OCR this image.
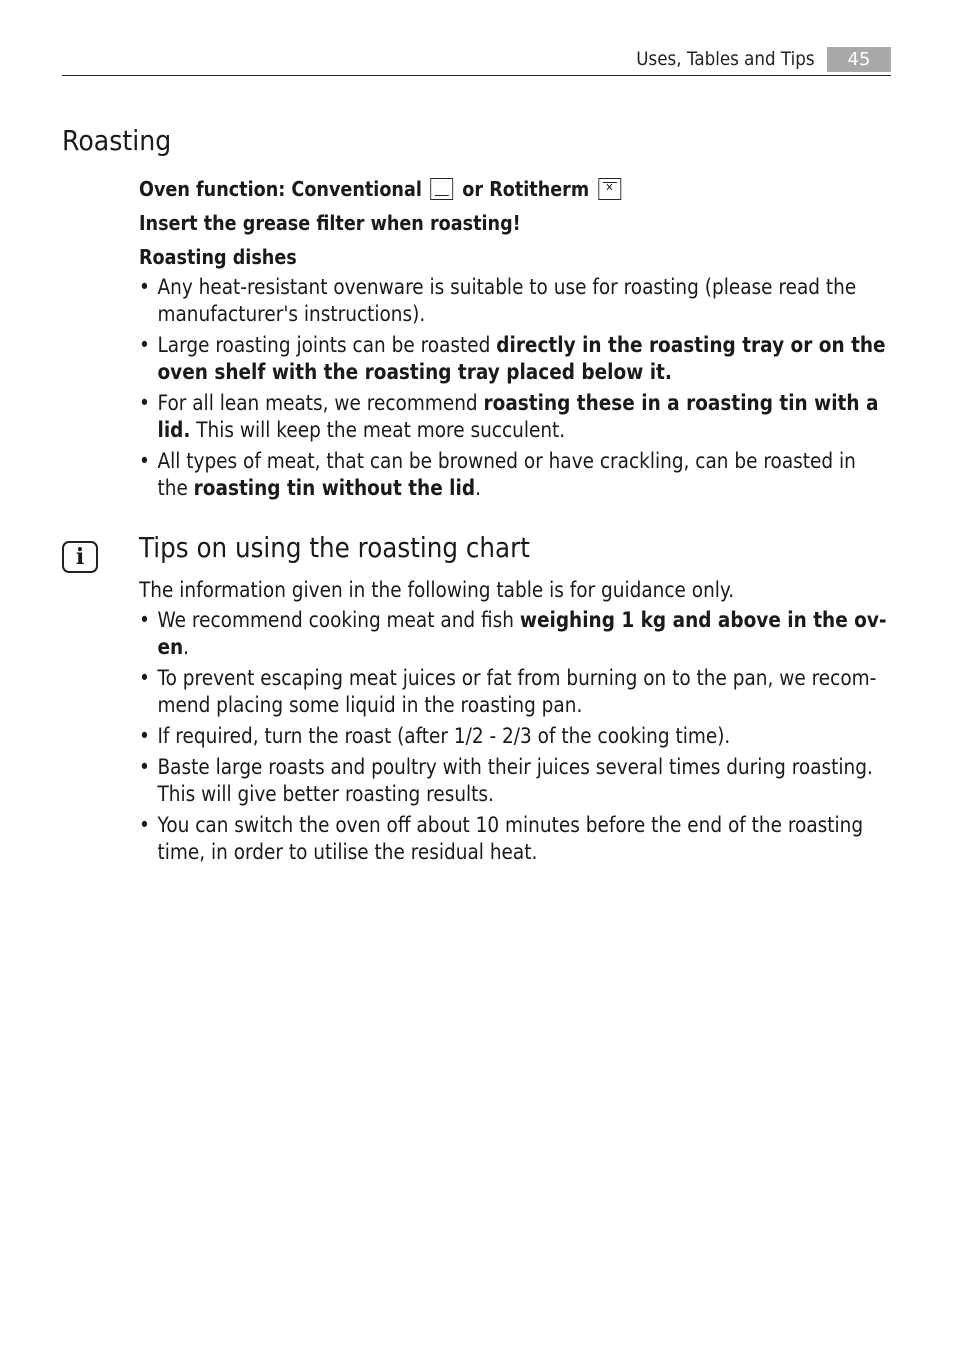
Uses, Tables and Tips	45
Roasting

Oven function: Conventional or Rotitherm ✕

Insert the grease filter when roasting!

Roasting dishes

• Any heat-resistant ovenware is suitable to use for roasting (please read the manufacturer's instructions).
• Large roasting joints can be roasted directly in the roasting tray or on the oven shelf with the roasting tray placed below it.
• For all lean meats, we recommend roasting these in a roasting tin with a lid. This will keep the meat more succulent.
• All types of meat, that can be browned or have crackling, can be roasted in the roasting tin without the lid.
i	Tips on using the roasting chart

The information given in the following table is for guidance only.

• We recommend cooking meat and fish weighing 1 kg and above in the ov-en.
• To prevent escaping meat juices or fat from burning on to the pan, we recom-mend placing some liquid in the roasting pan.
• If required, turn the roast (after 1/2 - 2/3 of the cooking time).
• Baste large roasts and poultry with their juices several times during roasting. This will give better roasting results.
• You can switch the oven off about 10 minutes before the end of the roasting time, in order to utilise the residual heat.
